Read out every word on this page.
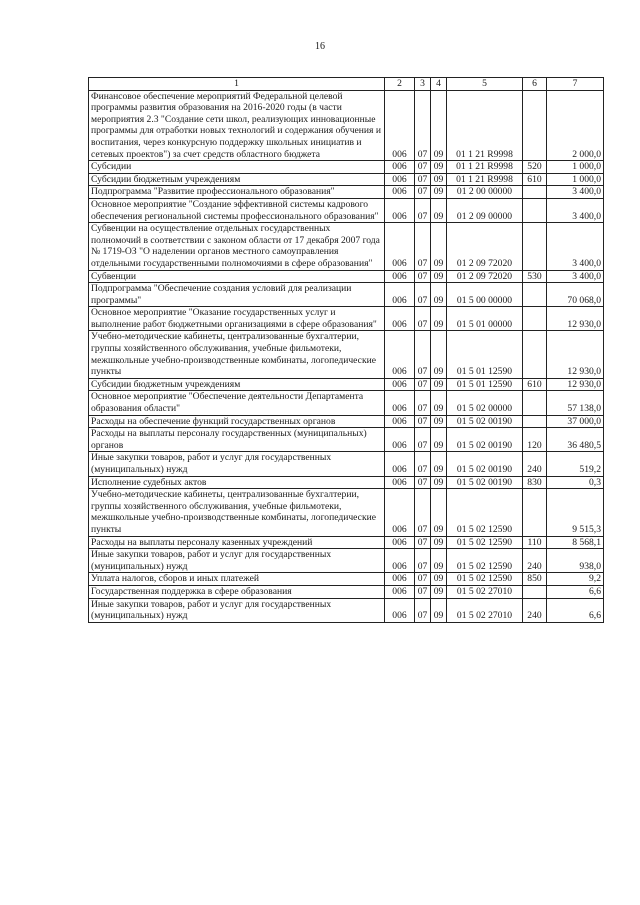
16
1	2	3	4	5	6	7
Финансовое обеспечение мероприятий Федеральной целевой программы развития образования на 2016-2020 годы (в части мероприятия 2.3 "Создание сети школ, реализующих инновационные программы для отработки новых технологий и содержания обучения и воспитания, через конкурсную поддержку школьных инициатив и сетевых проектов") за счет средств областного бюджета	006	07	09	01 1 21 R9998		2 000,0
Субсидии	006	07	09	01 1 21 R9998	520	1 000,0
Субсидии бюджетным учреждениям	006	07	09	01 1 21 R9998	610	1 000,0
Подпрограмма "Развитие профессионального образования"	006	07	09	01 2 00 00000		3 400,0
Основное мероприятие "Создание эффективной системы кадрового обеспечения региональной системы профессионального образования"	006	07	09	01 2 09 00000		3 400,0
Субвенции на осуществление отдельных государственных полномочий в соответствии с законом области от 17 декабря 2007 года № 1719-ОЗ "О наделении органов местного самоуправления отдельными государственными полномочиями в сфере образования"	006	07	09	01 2 09 72020		3 400,0
Субвенции	006	07	09	01 2 09 72020	530	3 400,0
Подпрограмма "Обеспечение создания условий для реализации программы"	006	07	09	01 5 00 00000		70 068,0
Основное мероприятие "Оказание государственных услуг и выполнение работ бюджетными организациями в сфере образования"	006	07	09	01 5 01 00000		12 930,0
Учебно-методические кабинеты, централизованные бухгалтерии, группы хозяйственного обслуживания, учебные фильмотеки, межшкольные учебно-производственные комбинаты, логопедические пункты	006	07	09	01 5 01 12590		12 930,0
Субсидии бюджетным учреждениям	006	07	09	01 5 01 12590	610	12 930,0
Основное мероприятие "Обеспечение деятельности Департамента образования области"	006	07	09	01 5 02 00000		57 138,0
Расходы на обеспечение функций государственных органов	006	07	09	01 5 02 00190		37 000,0
Расходы на выплаты персоналу государственных (муниципальных) органов	006	07	09	01 5 02 00190	120	36 480,5
Иные закупки товаров, работ и услуг для государственных (муниципальных) нужд	006	07	09	01 5 02 00190	240	519,2
Исполнение судебных актов	006	07	09	01 5 02 00190	830	0,3
Учебно-методические кабинеты, централизованные бухгалтерии, группы хозяйственного обслуживания, учебные фильмотеки, межшкольные учебно-производственные комбинаты, логопедические пункты	006	07	09	01 5 02 12590		9 515,3
Расходы на выплаты персоналу казенных учреждений	006	07	09	01 5 02 12590	110	8 568,1
Иные закупки товаров, работ и услуг для государственных (муниципальных) нужд	006	07	09	01 5 02 12590	240	938,0
Уплата налогов, сборов и иных платежей	006	07	09	01 5 02 12590	850	9,2
Государственная поддержка в сфере образования	006	07	09	01 5 02 27010		6,6
Иные закупки товаров, работ и услуг для государственных (муниципальных) нужд	006	07	09	01 5 02 27010	240	6,6
